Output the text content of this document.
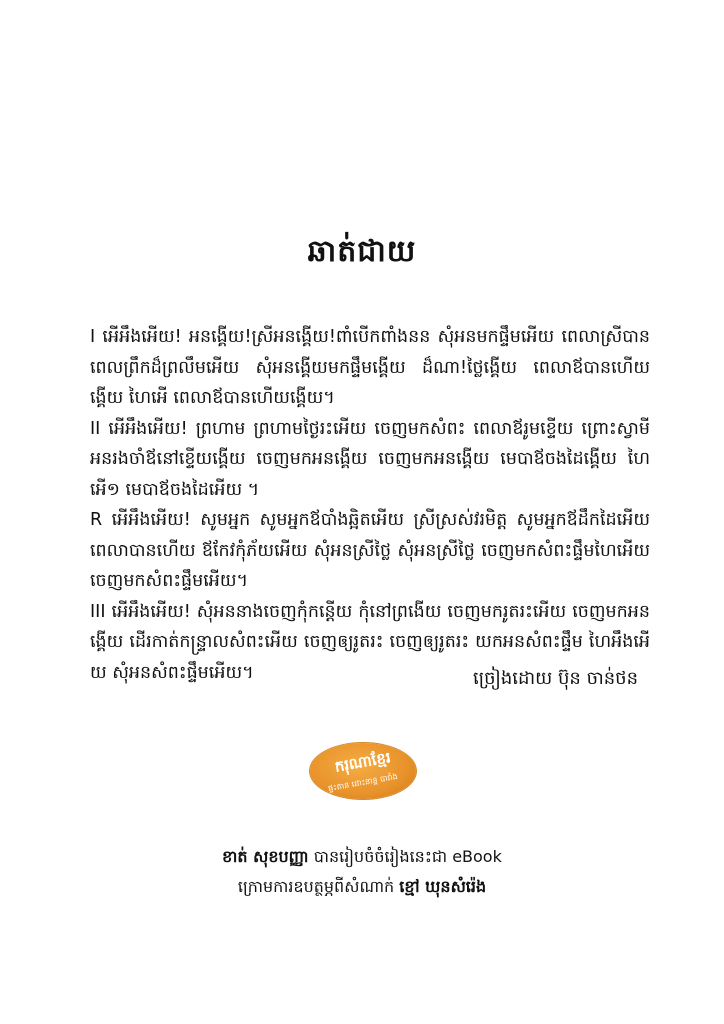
ឆាត់ជាយ

I អើអឹងអើយ! អនង្គើយ!ស្រីអនង្គើយ!ពាំបើកពាំងនន សុំអនមកផ្ទឹមអើយ ពេលាស្រីបាន ពេលព្រឹកដ៏ព្រលឹមអើយ សុំអនង្គើយមកផ្ទឹមង្គើយ ដ៏ណា!ថ្លៃង្គើយ ពេលាឪបានហើយ ង្គើយ ហៃអើ ពេលាឪបានហើយង្គើយ។

II អើអឹងអើយ! ព្រហាម ព្រហាមថ្ងៃរះអើយ ចេញមកសំពះ ពេលាឪរូមខ្ទើយ ព្រោះស្វាមី អនរងចាំឪនៅខ្ទើយង្គើយ ចេញមកអនង្គើយ ចេញមកអនង្គើយ មេបាឪចងដៃង្គើយ ហៃ អើ១ មេបាឪចងដៃអើយ ។

R អើអឹងអើយ! សូមអ្នក សូមអ្នកឪបាំងឆ្អិតអើយ ស្រីស្រស់វរមិត្ត សូមអ្នកឪដឹកដៃអើយ ពេលាបានហើយ ឪកែវកុំភ័យអើយ សុំអនស្រីថ្លៃ សុំអនស្រីថ្លៃ ចេញមកសំពះផ្ទឹមហៃអើយ ចេញមកសំពះផ្ទឹមអើយ។

III អើអឹងអើយ! សុំអននាងចេញកុំកន្តើយ កុំនៅព្រងើយ ចេញមករូតរះអើយ ចេញមកអន ង្គើយ ដើរកាត់កន្រ្ទាលសំពះអើយ ចេញឲ្យរូតរះ ចេញឲ្យរូតរះ យកអនសំពះផ្ទឹម ហៃអឹងអើ យ សុំអនសំពះផ្ទឹមអើយ។	ច្រៀងដោយ ប៊ុន ចាន់ថន
ករុណាខ្មែរ
ផ្ទះតាន ដោះនាន្ត បារាំង
ខាត់ សុខបញ្ញា បានរៀបចំចំរៀងនេះជា eBook
ក្រោមការឧបត្ថម្ភពីសំណាក់ ខ្មៅ ឃុនសំរ៉េង
